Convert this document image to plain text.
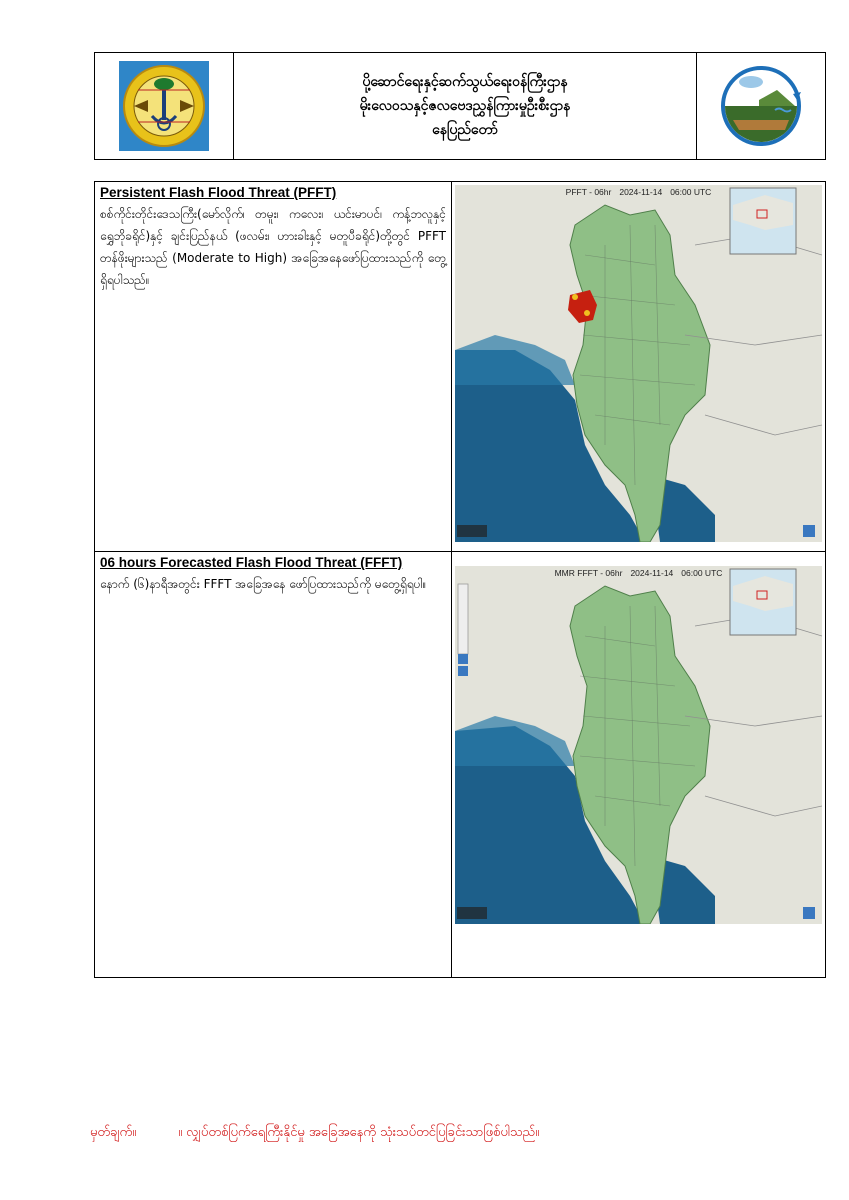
ပို့ဆောင်ရေးနှင့်ဆက်သွယ်ရေးဝန်ကြီးဌာန
မိုးလေဝသနှင့်ဇလဗေဒညွှန်ကြားမှုဦးစီးဌာန
နေပြည်တော်
Persistent Flash Flood Threat (PFFT)
စစ်ကိုင်းတိုင်းဒေသကြီး(မော်လိုက်၊ တမူး၊ ကလေး၊ ယင်းမာပင်၊ ကန့်ဘလူနှင့် ရွှေဘိုခရိုင်)နှင့် ချင်းပြည်နယ် (ဖလမ်း၊ ဟားခါးနှင့် မတူပီခရိုင်)တို့တွင် PFFT တန်ဖိုးများသည် (Moderate to High) အခြေအနေဖော်ပြထားသည်ကို တွေ့ရှိရပါသည်။
PFFT - 06hr 2024-11-14 06:00 UTC
06 hours Forecasted Flash Flood Threat (FFFT)
နောက် (၆)နာရီအတွင်း FFFT အခြေအနေ ဖော်ပြထားသည်ကို မတွေ့ရှိရပါ။
MMR FFFT - 06hr 2024-11-14 06:00 UTC
မှတ်ချက်။	။ လျှပ်တစ်ပြက်ရေကြီးနိုင်မှု အခြေအနေကို သုံးသပ်တင်ပြခြင်းသာဖြစ်ပါသည်။
